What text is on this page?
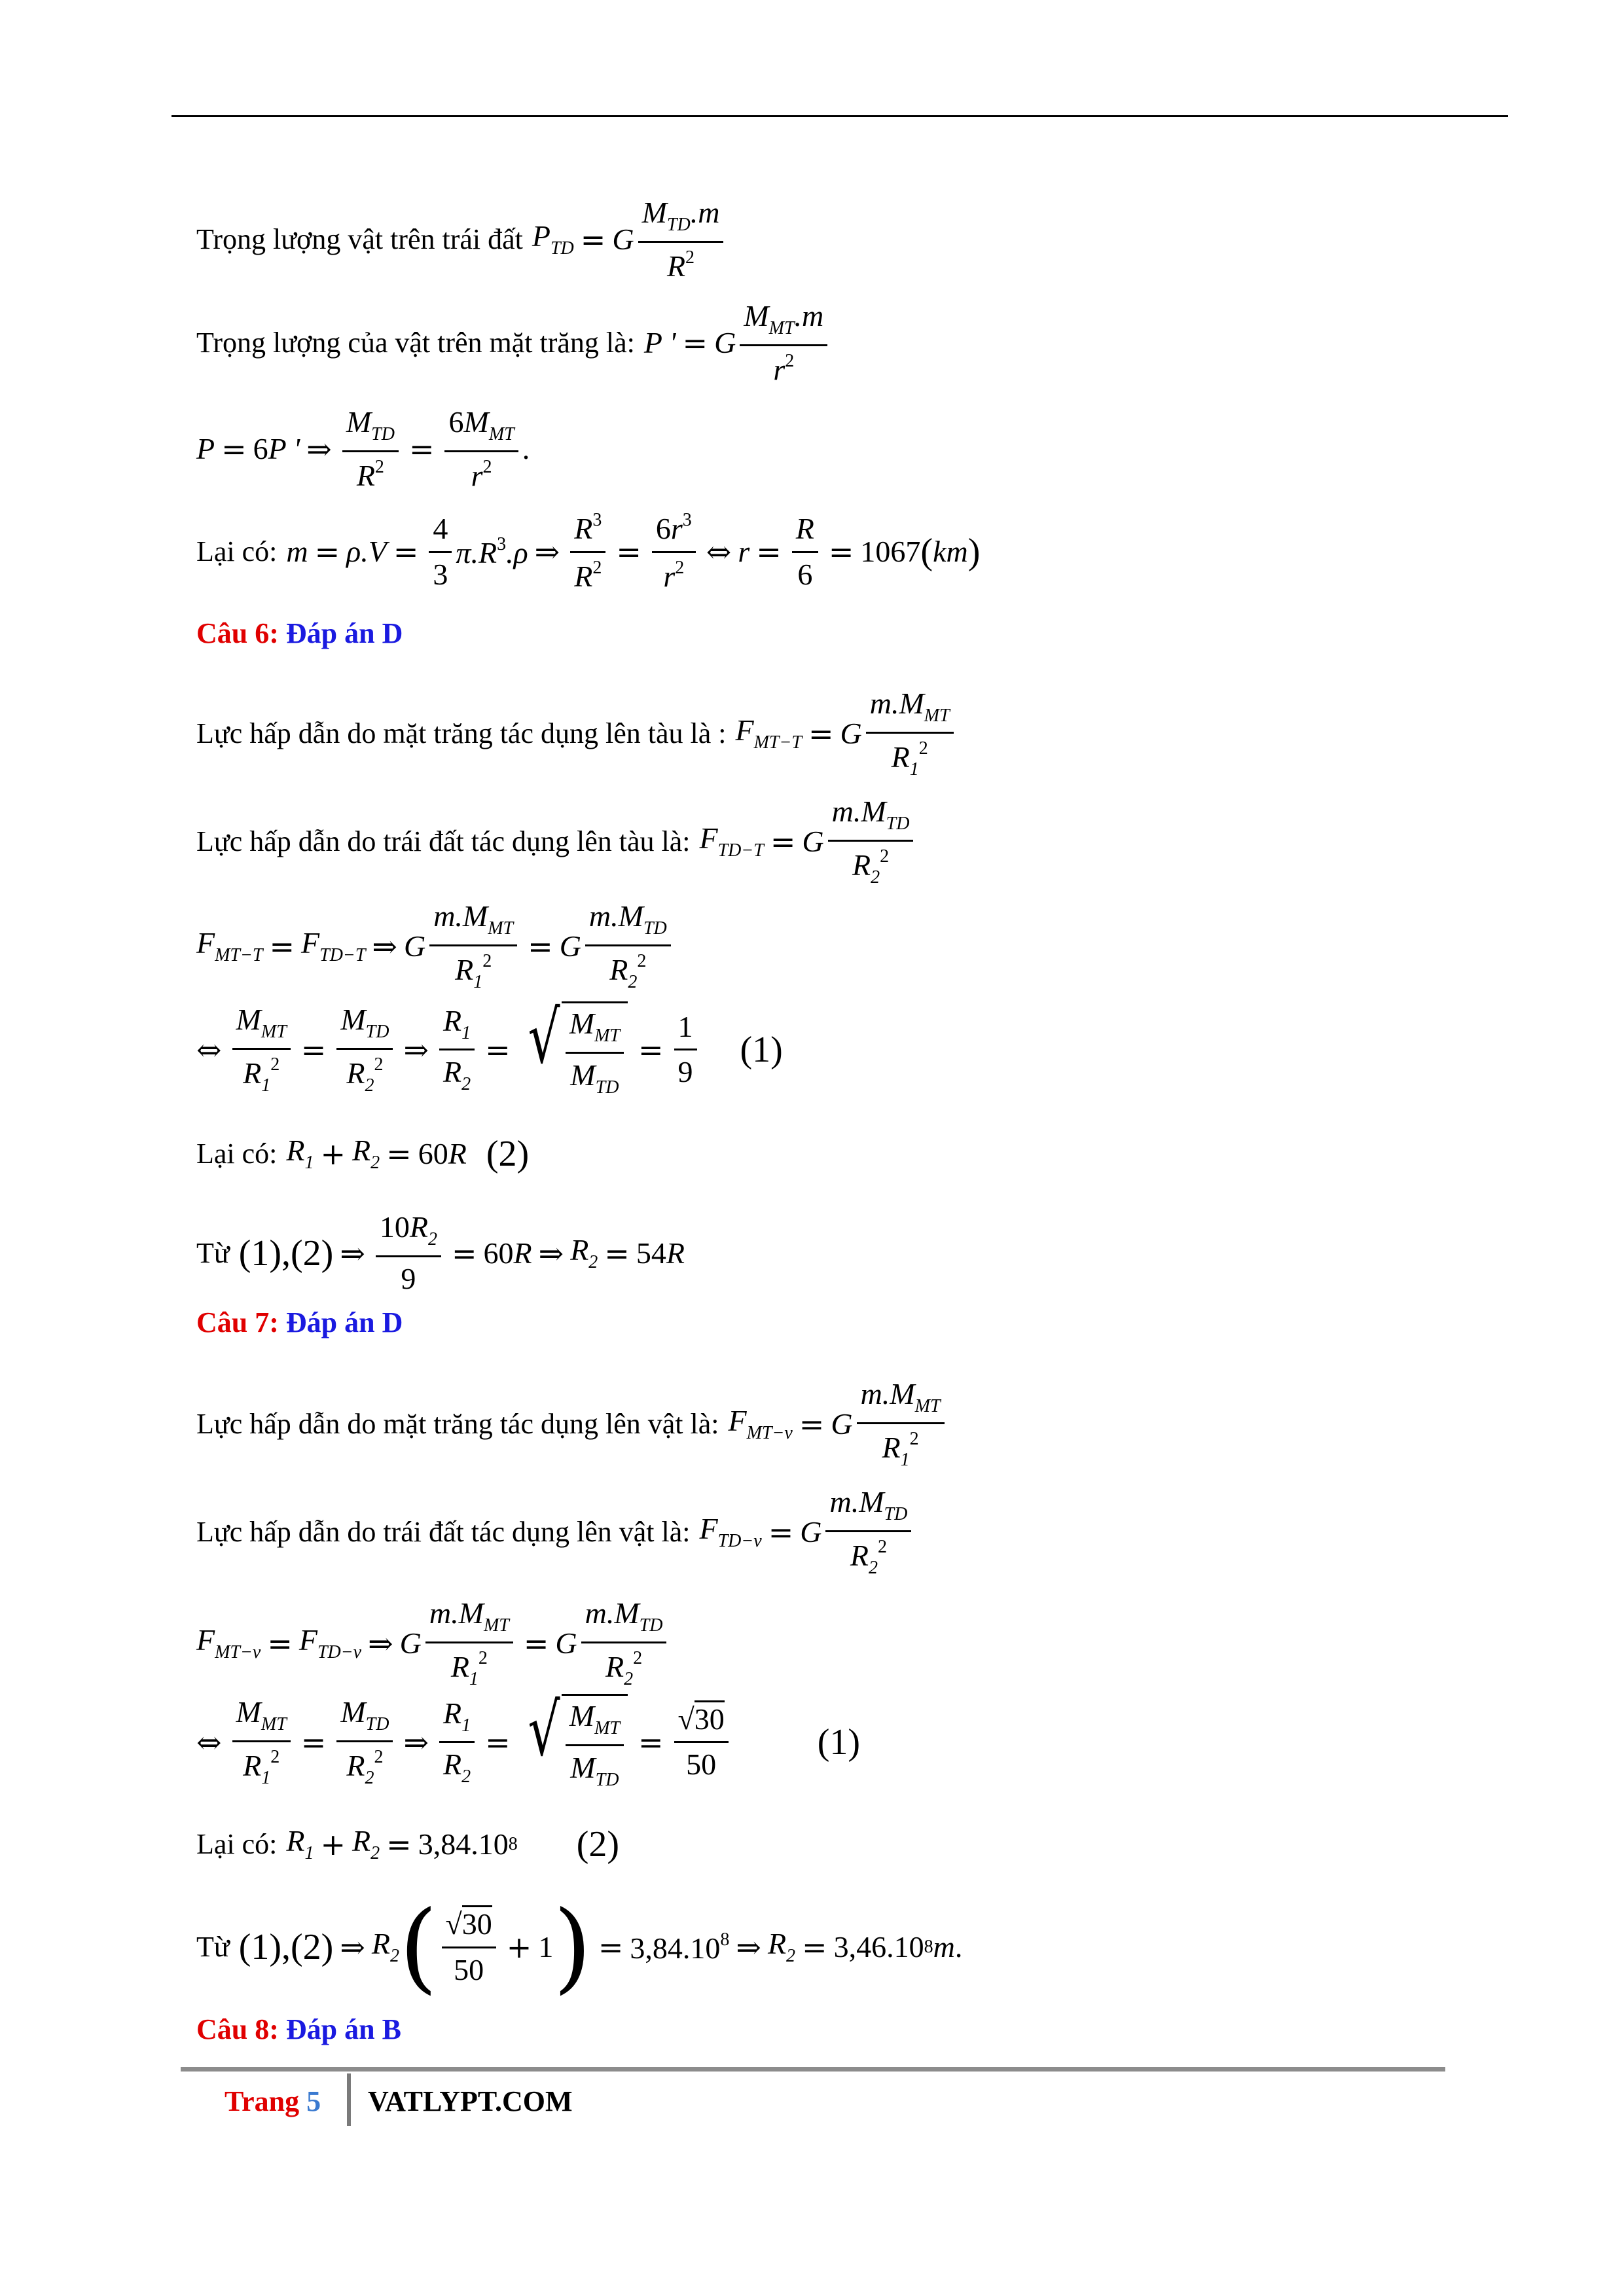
Trọng lượng vật trên trái đất $P_{TD} = G \frac{M_{TD}.m}{R^2}$
Trọng lượng của vật trên mặt trăng là: P ' = G $\frac{M_{MT}.m}{r^2}$
P = 6 P ' ⇒ $\frac{M_{TD}}{R^2} = \frac{6M_{MT}}{r^2}$ .
Lại có: $m = \rho.V = \frac{4}{3} \pi.R^3.\rho$ ⇒ $\frac{R^3}{R^2} = \frac{6r^3}{r^2}$ ⇔ $r = \frac{R}{6} = 1067$ ( km )
Câu 6: Đáp án D
Lực hấp dẫn do mặt trăng tác dụng lên tàu là : $F_{MT-T} = G \frac{m.M_{MT}}{R_1^2}$
Lực hấp dẫn do trái đất tác dụng lên tàu là: $F_{TD-T} = G \frac{m.M_{TD}}{R_2^2}$
$F_{MT-T} = F_{TD-T}$ ⇒ G $\frac{m.M_{MT}}{R_1^2} = G \frac{m.M_{TD}}{R_2^2}$
⇔ $\frac{M_{MT}}{R_1^2} = \frac{M_{TD}}{R_2^2}$ ⇒ $\frac{R_1}{R_2}$ = √ $\frac{M_{MT}}{M_{TD}} = \frac{1}{9} (1)$
Lại có: $R_1 + R_2 = 60$ R (2)
Từ (1),(2) ⇒ $\frac{10R_2}{9} = 60$ R ⇒ $R_2 = 54$ R
Câu 7: Đáp án D
Lực hấp dẫn do mặt trăng tác dụng lên vật là: $F_{MT-v} = G \frac{m.M_{MT}}{R_1^2}$
Lực hấp dẫn do trái đất tác dụng lên vật là: $F_{TD-v} = G \frac{m.M_{TD}}{R_2^2}$
$F_{MT-v} = F_{TD-v}$ ⇒ G $\frac{m.M_{MT}}{R_1^2} = G \frac{m.M_{TD}}{R_2^2}$
⇔ $\frac{M_{MT}}{R_1^2} = \frac{M_{TD}}{R_2^2}$ ⇒ $\frac{R_1}{R_2}$ = √ $\frac{M_{MT}}{M_{TD}} = \frac{√30}{50} (1)$
Lại có: $R_1 + R_2 = 3,84.10$ 8 (2)
Từ (1),(2) ⇒ $R_2$ ( $\frac{√30}{50} + 1$ ) = $3,84.10^8$ ⇒ $R_2 = 3,46.10$ 8 m .
Câu 8: Đáp án B
Trang 5 VATLYPT.COM
